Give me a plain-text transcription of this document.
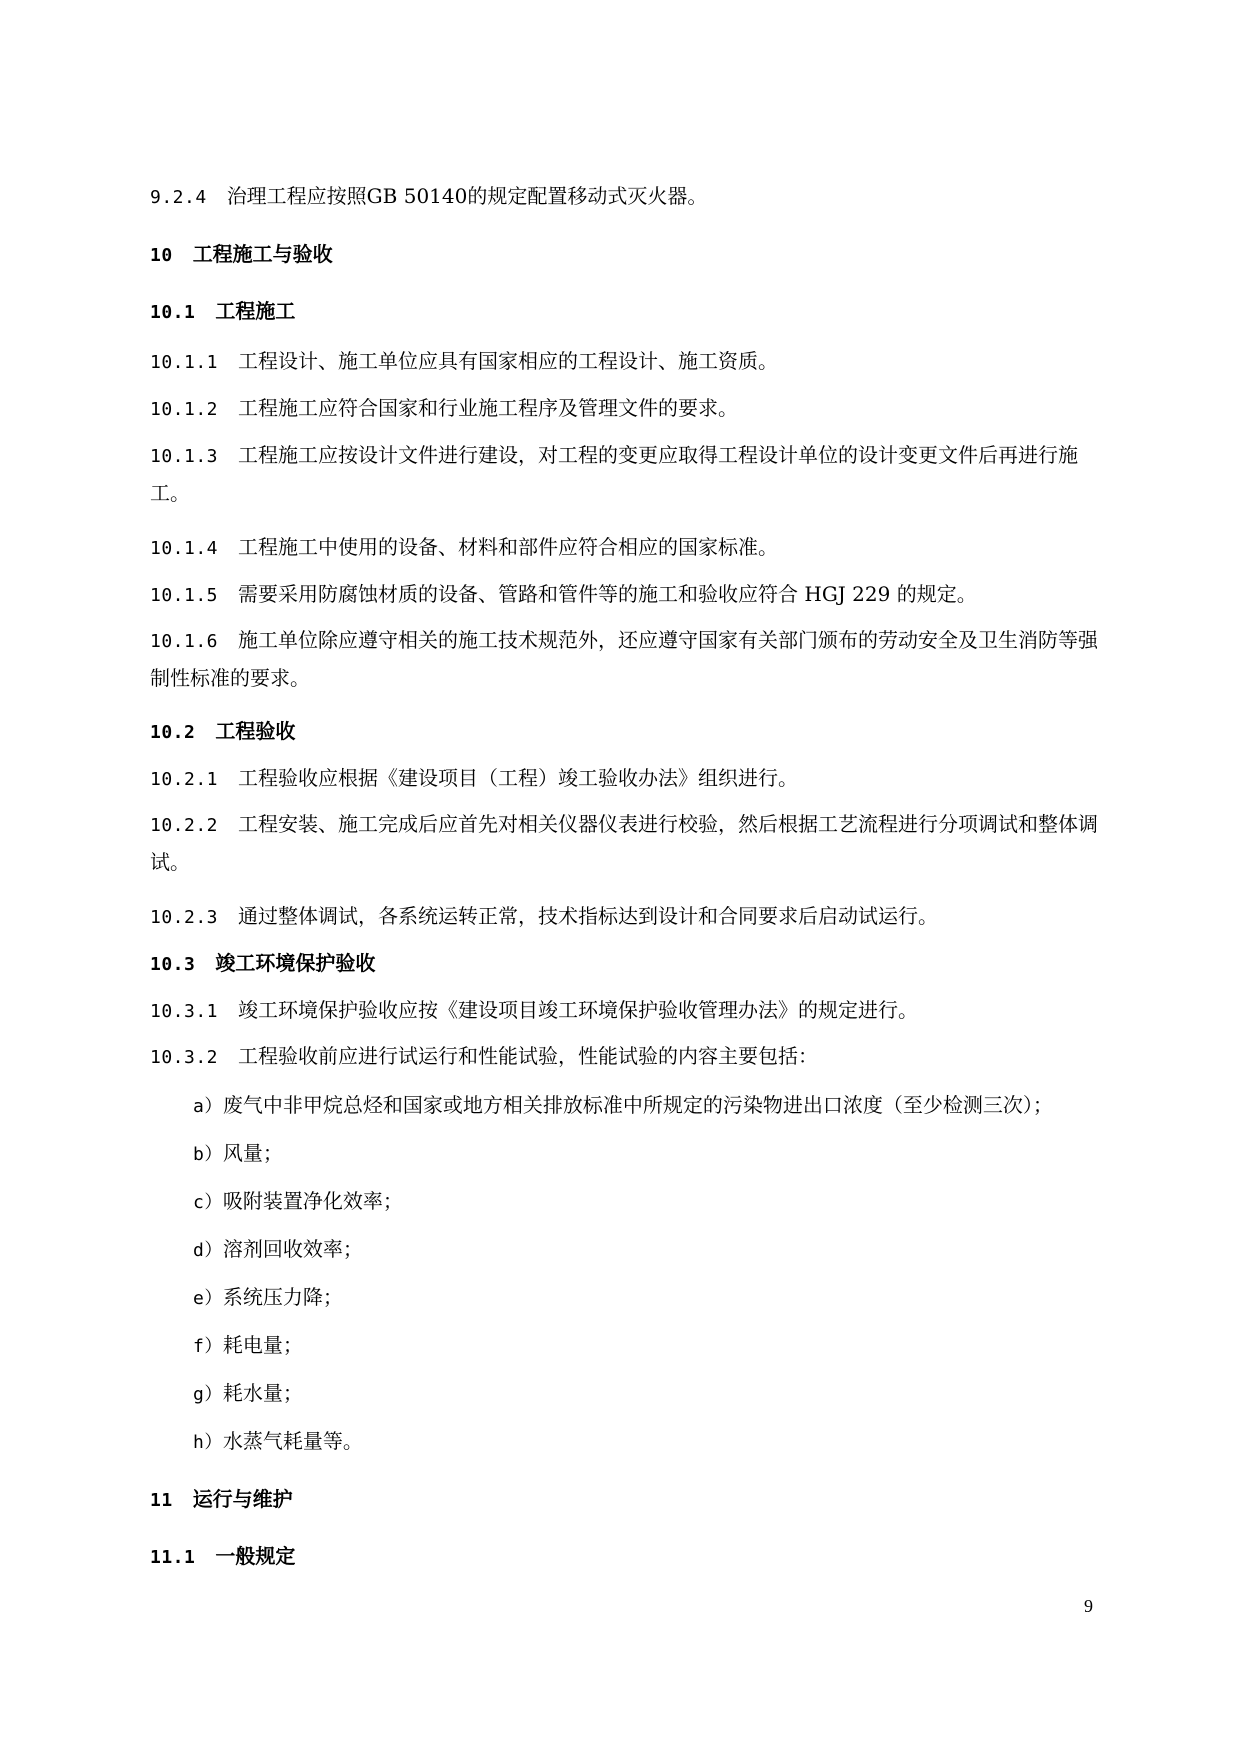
9.2.4 治理工程应按照GB 50140的规定配置移动式灭火器。
10 工程施工与验收
10.1 工程施工
10.1.1 工程设计、施工单位应具有国家相应的工程设计、施工资质。
10.1.2 工程施工应符合国家和行业施工程序及管理文件的要求。
10.1.3 工程施工应按设计文件进行建设，对工程的变更应取得工程设计单位的设计变更文件后再进行施工。
10.1.4 工程施工中使用的设备、材料和部件应符合相应的国家标准。
10.1.5 需要采用防腐蚀材质的设备、管路和管件等的施工和验收应符合 HGJ 229 的规定。
10.1.6 施工单位除应遵守相关的施工技术规范外，还应遵守国家有关部门颁布的劳动安全及卫生消防等强制性标准的要求。
10.2 工程验收
10.2.1 工程验收应根据《建设项目（工程）竣工验收办法》组织进行。
10.2.2 工程安装、施工完成后应首先对相关仪器仪表进行校验，然后根据工艺流程进行分项调试和整体调试。
10.2.3 通过整体调试，各系统运转正常，技术指标达到设计和合同要求后启动试运行。
10.3 竣工环境保护验收
10.3.1 竣工环境保护验收应按《建设项目竣工环境保护验收管理办法》的规定进行。
10.3.2 工程验收前应进行试运行和性能试验，性能试验的内容主要包括：
a）废气中非甲烷总烃和国家或地方相关排放标准中所规定的污染物进出口浓度（至少检测三次）；
b）风量；
c）吸附装置净化效率；
d）溶剂回收效率；
e）系统压力降；
f）耗电量；
g）耗水量；
h）水蒸气耗量等。
11 运行与维护
11.1 一般规定
9
